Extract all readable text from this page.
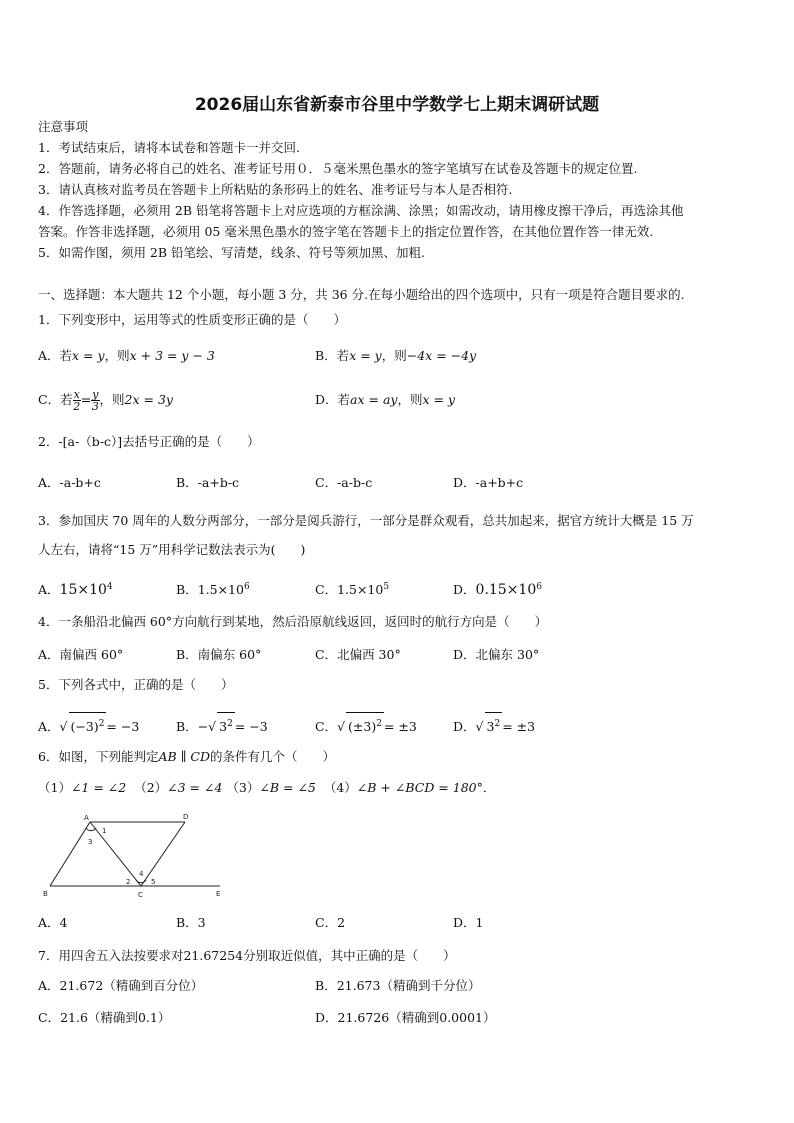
2026届山东省新泰市谷里中学数学七上期末调研试题
注意事项
1．考试结束后，请将本试卷和答题卡一并交回.
2．答题前，请务必将自己的姓名、准考证号用０．５毫米黑色墨水的签字笔填写在试卷及答题卡的规定位置.
3．请认真核对监考员在答题卡上所粘贴的条形码上的姓名、准考证号与本人是否相符.
4．作答选择题，必须用 2B 铅笔将答题卡上对应选项的方框涂满、涂黑；如需改动，请用橡皮擦干净后，再选涂其他
答案。作答非选择题，必须用 05 毫米黑色墨水的签字笔在答题卡上的指定位置作答，在其他位置作答一律无效.
5．如需作图，须用 2B 铅笔绘、写清楚，线条、符号等须加黑、加粗.
一、选择题：本大题共 12 个小题，每小题 3 分，共 36 分.在每小题给出的四个选项中，只有一项是符合题目要求的.
1．下列变形中，运用等式的性质变形正确的是（　　）
A．若x = y，则x + 3 = y − 3	B．若x = y，则−4x = −4y
C．若 $\frac{x}{2} = \frac{y}{3}$ ，则2x = 3y	D．若ax = ay，则x = y
2．-[a-（b-c）]去括号正确的是（　　）
A．-a-b+c	B．-a+b-c	C．-a-b-c	D．-a+b+c
3．参加国庆 70 周年的人数分两部分，一部分是阅兵游行，一部分是群众观看，总共加起来，据官方统计大概是 15 万
人左右，请将“15 万”用科学记数法表示为(　　)
A．$15\times 10^4$	B．$1.5\times 10^6$	C．$1.5\times 10^5$	D．$0.15\times 10^6$
4．一条船沿北偏西 60°方向航行到某地，然后沿原航线返回，返回时的航行方向是（　　）
A．南偏西 60°	B．南偏东 60°	C．北偏西 30°	D．北偏东 30°
5．下列各式中，正确的是（　　）
A．√ $(-3)^2 = -3$	B．−√ $3^2 = -3$	C．√ $(\pm 3)^2 = \pm 3$	D．√ $3^2 = \pm 3$
6．如图，下列能判定AB ∥ CD的条件有几个（　　）
（1）∠1 = ∠2 （2）∠3 = ∠4 （3）∠B = ∠5 （4）∠B + ∠BCD = 180°．
A	D
B	C	E
1
3
2
4
5
A．4	B．3	C．2	D．1
7．用四舍五入法按要求对21.67254分别取近似值，其中正确的是（　　）
A．21.672（精确到百分位）	B．21.673（精确到千分位）
C．21.6（精确到0.1）	D．21.6726（精确到0.0001）
